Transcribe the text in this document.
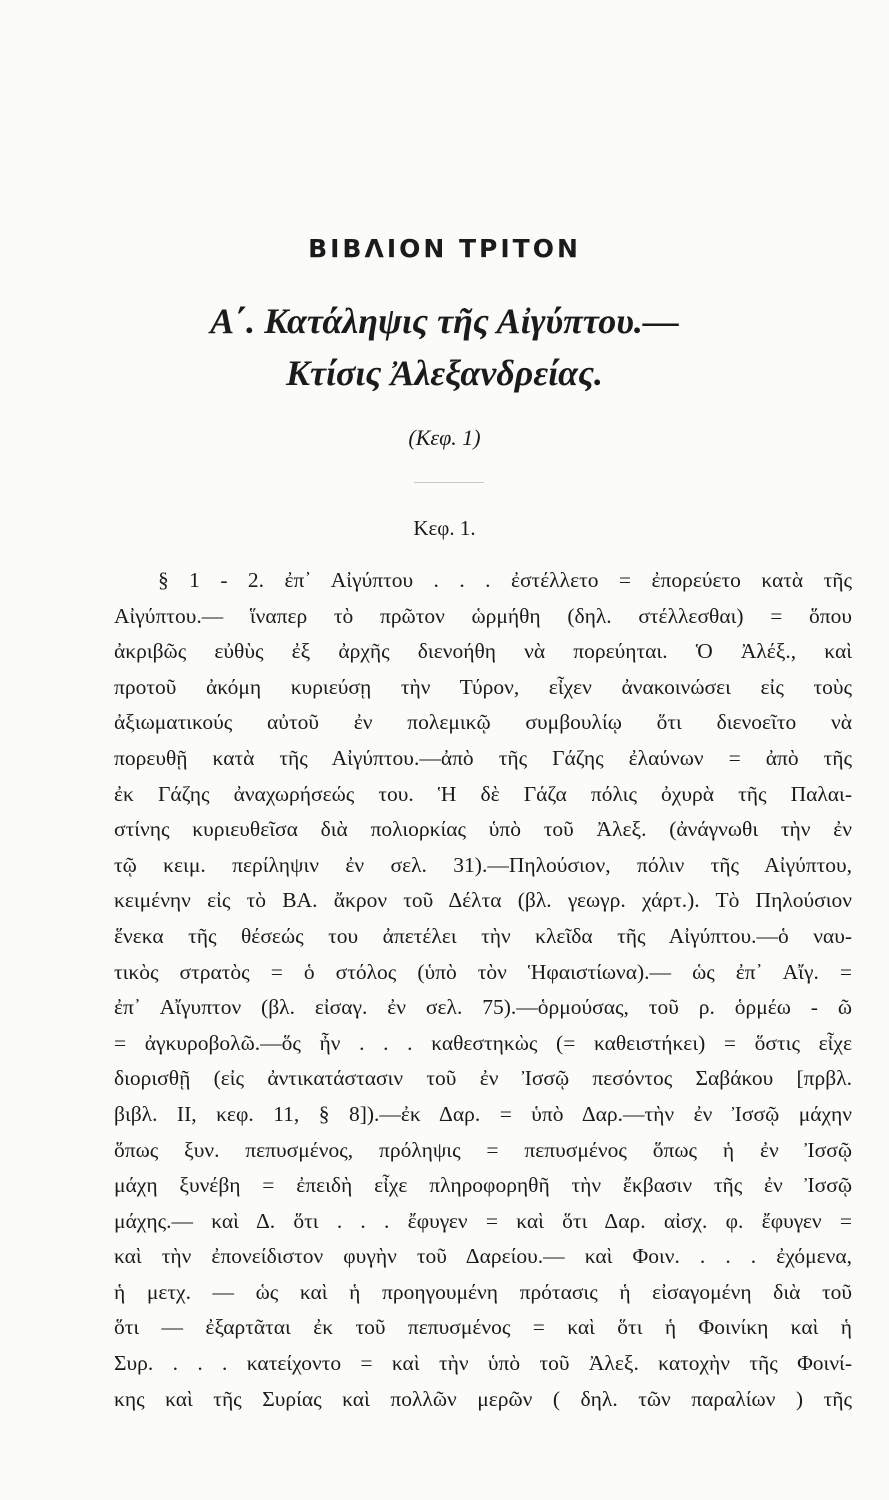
ΒΙΒΛΙΟΝ ΤΡΙΤΟΝ
Α΄. Κατάληψις τῆς Αἰγύπτου.—
Κτίσις Ἀλεξανδρείας.
(Κεφ. 1)
Κεφ. 1.
§ 1 - 2. ἐπ᾽ Αἰγύπτου . . . ἐστέλλετο = ἐπορεύετο κατὰ τῆς
Αἰγύπτου.— ἵναπερ τὸ πρῶτον ὡρμήθη (δηλ. στέλλεσθαι) = ὅπου
ἀκριβῶς εὐθὺς ἐξ ἀρχῆς διενοήθη νὰ πορεύηται. Ὁ Ἀλέξ., καὶ
προτοῦ ἀκόμη κυριεύσῃ τὴν Τύρον, εἶχεν ἀνακοινώσει εἰς τοὺς
ἀξιωματικούς αὐτοῦ ἐν πολεμικῷ συμβουλίῳ ὅτι διενοεῖτο νὰ
πορευθῇ κατὰ τῆς Αἰγύπτου.—ἀπὸ τῆς Γάζης ἐλαύνων = ἀπὸ τῆς
ἐκ Γάζης ἀναχωρήσεώς του. Ἡ δὲ Γάζα πόλις ὀχυρὰ τῆς Παλαι-
στίνης κυριευθεῖσα διὰ πολιορκίας ὑπὸ τοῦ Ἀλεξ. (ἀνάγνωθι τὴν ἐν
τῷ κειμ. περίληψιν ἐν σελ. 31).—Πηλούσιον, πόλιν τῆς Αἰγύπτου,
κειμένην εἰς τὸ ΒΑ. ἄκρον τοῦ Δέλτα (βλ. γεωγρ. χάρτ.). Τὸ Πηλούσιον
ἕνεκα τῆς θέσεώς του ἀπετέλει τὴν κλεῖδα τῆς Αἰγύπτου.—ὁ ναυ-
τικὸς στρατὸς = ὁ στόλος (ὑπὸ τὸν Ἡφαιστίωνα).— ὡς ἐπ᾽ Αἴγ. =
ἐπ᾽ Αἴγυπτον (βλ. εἰσαγ. ἐν σελ. 75).—ὁρμούσας, τοῦ ρ. ὁρμέω - ῶ
= ἀγκυροβολῶ.—ὅς ἦν . . . καθεστηκὼς (= καθειστήκει) = ὅστις εἶχε
διορισθῇ (εἰς ἀντικατάστασιν τοῦ ἐν Ἰσσῷ πεσόντος Σαβάκου [πρβλ.
βιβλ. II, κεφ. 11, § 8]).—ἐκ Δαρ. = ὑπὸ Δαρ.—τὴν ἐν Ἰσσῷ μάχην
ὅπως ξυν. πεπυσμένος, πρόληψις = πεπυσμένος ὅπως ἡ ἐν Ἰσσῷ
μάχη ξυνέβη = ἐπειδὴ εἶχε πληροφορηθῆ τὴν ἔκβασιν τῆς ἐν Ἰσσῷ
μάχης.— καὶ Δ. ὅτι . . . ἔφυγεν = καὶ ὅτι Δαρ. αἰσχ. φ. ἔφυγεν =
καὶ τὴν ἐπονείδιστον φυγὴν τοῦ Δαρείου.— καὶ Φοιν. . . . ἐχόμενα,
ἡ μετχ. — ὡς καὶ ἡ προηγουμένη πρότασις ἡ εἰσαγομένη διὰ τοῦ
ὅτι — ἐξαρτᾶται ἐκ τοῦ πεπυσμένος = καὶ ὅτι ἡ Φοινίκη καὶ ἡ
Συρ. . . . κατείχοντο = καὶ τὴν ὑπὸ τοῦ Ἀλεξ. κατοχὴν τῆς Φοινί-
κης καὶ τῆς Συρίας καὶ πολλῶν μερῶν ( δηλ. τῶν παραλίων ) τῆς
